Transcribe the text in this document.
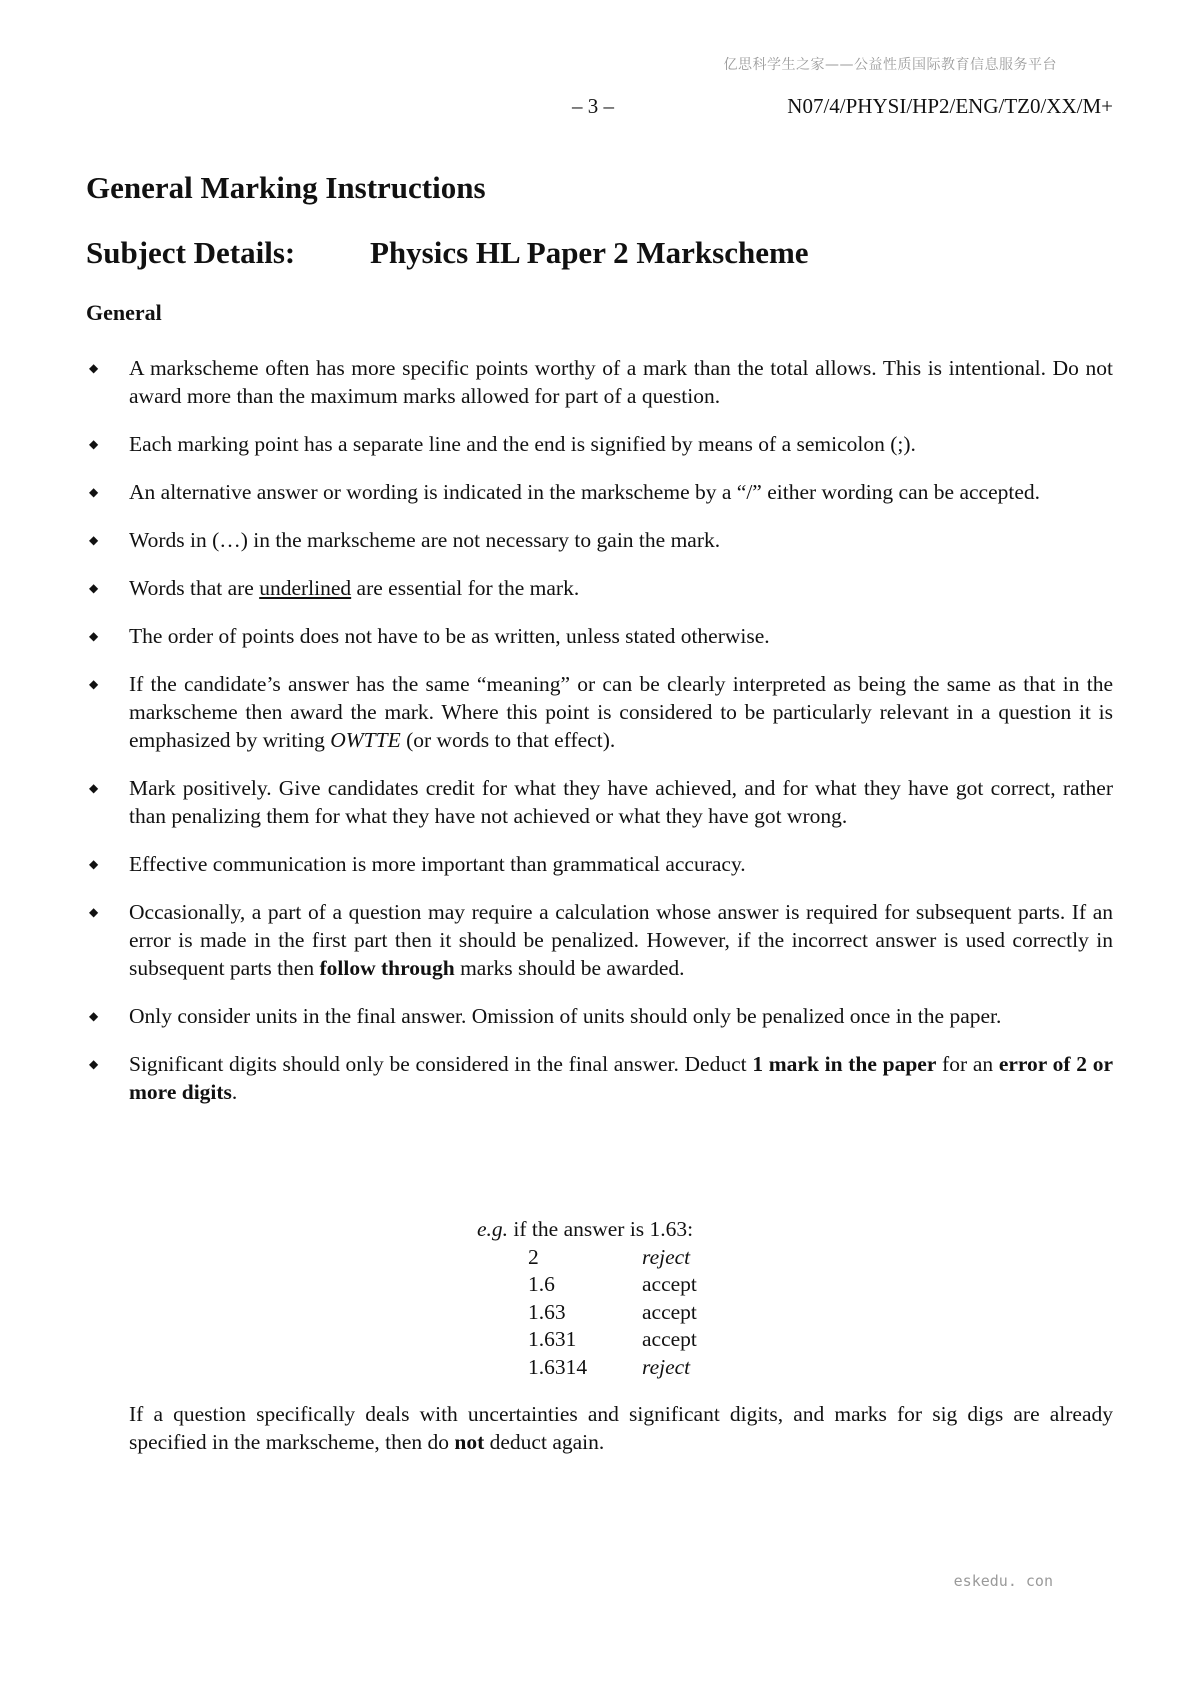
亿思科学生之家——公益性质国际教育信息服务平台
– 3 –	N07/4/PHYSI/HP2/ENG/TZ0/XX/M+
General Marking Instructions
Subject Details: Physics HL Paper 2 Markscheme
General
◆ A markscheme often has more specific points worthy of a mark than the total allows. This is intentional. Do not award more than the maximum marks allowed for part of a question.
◆ Each marking point has a separate line and the end is signified by means of a semicolon (;).
◆ An alternative answer or wording is indicated in the markscheme by a “/” either wording can be accepted.
◆ Words in (…) in the markscheme are not necessary to gain the mark.
◆ Words that are underlined are essential for the mark.
◆ The order of points does not have to be as written, unless stated otherwise.
◆ If the candidate’s answer has the same “meaning” or can be clearly interpreted as being the same as that in the markscheme then award the mark. Where this point is considered to be particularly relevant in a question it is emphasized by writing OWTTE (or words to that effect).
◆ Mark positively. Give candidates credit for what they have achieved, and for what they have got correct, rather than penalizing them for what they have not achieved or what they have got wrong.
◆ Effective communication is more important than grammatical accuracy.
◆ Occasionally, a part of a question may require a calculation whose answer is required for subsequent parts. If an error is made in the first part then it should be penalized. However, if the incorrect answer is used correctly in subsequent parts then follow through marks should be awarded.
◆ Only consider units in the final answer. Omission of units should only be penalized once in the paper.
◆ Significant digits should only be considered in the final answer. Deduct 1 mark in the paper for an error of 2 or more digits.
e.g. if the answer is 1.63:
2	reject
1.6	accept
1.63	accept
1.631	accept
1.6314	reject

If a question specifically deals with uncertainties and significant digits, and marks for sig digs are already specified in the markscheme, then do not deduct again.

eskedu. con
